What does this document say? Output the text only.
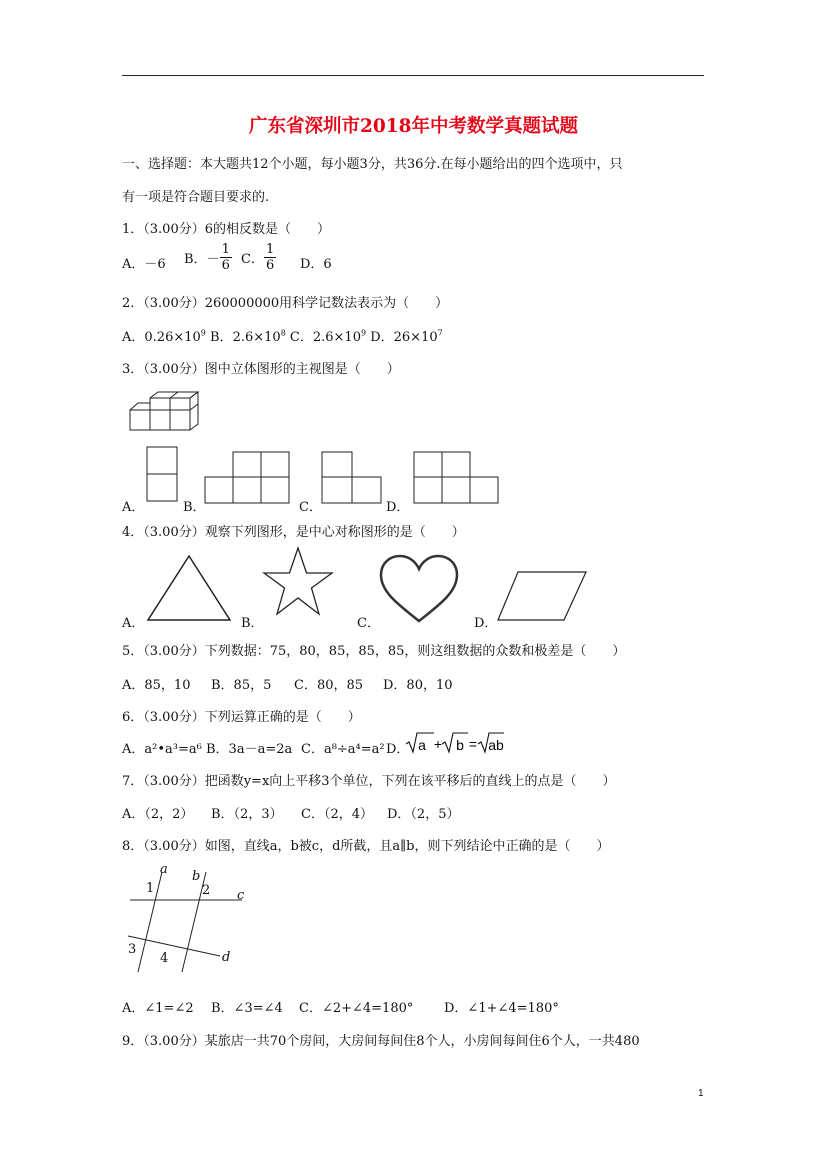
广东省深圳市2018年中考数学真题试题
一、选择题：本大题共12个小题，每小题3分，共36分.在每小题给出的四个选项中，只
有一项是符合题目要求的.
1．（3.00分）6的相反数是（　　）
A．－6 B．－ $\frac{1}{6}$ C． $\frac{1}{6}$ D．6
2．（3.00分）260000000用科学记数法表示为（　　）
A．$0.26\times 10^9$ B．$2.6\times 10^8$ C．$2.6\times 10^9$ D．$26\times 10^7$
3．（3.00分）图中立体图形的主视图是（　　）
A．	B．	C．	D．
4．（3.00分）观察下列图形，是中心对称图形的是（　　）
A．	B．	C．	D．
5．（3.00分）下列数据：75，80，85，85，85，则这组数据的众数和极差是（　　）
A．85，10 B．85，5 C．80，85 D．80，10
6．（3.00分）下列运算正确的是（　　）
A．a²•a³=a⁶ B．3a－a=2a C．a⁸÷a⁴=a² D． a + b = ab
7．（3.00分）把函数y=x向上平移3个单位，下列在该平移后的直线上的点是（　　）
A．（2，2） B．（2，3） C．（2，4） D．（2，5）
8．（3.00分）如图，直线a，b被c，d所截，且a∥b，则下列结论中正确的是（　　）
a b
c
d
1	2
3
4
A．∠1=∠2 B．∠3=∠4 C．∠2+∠4=180° D．∠1+∠4=180°
9．（3.00分）某旅店一共70个房间，大房间每间住8个人，小房间每间住6个人，一共480
1
